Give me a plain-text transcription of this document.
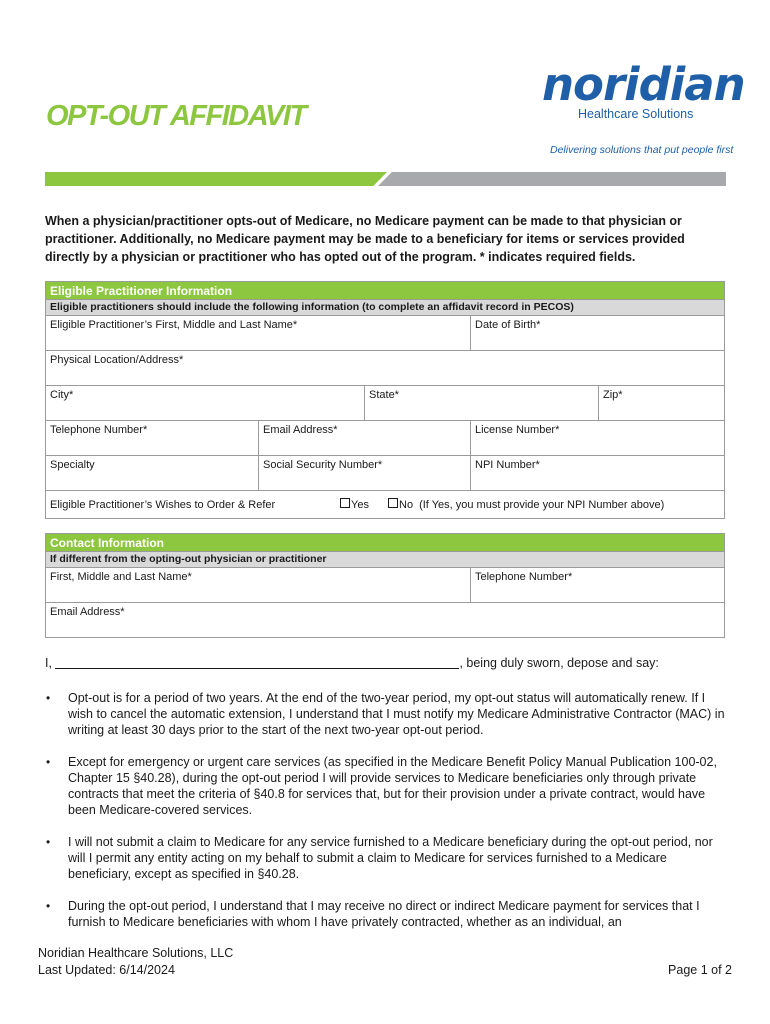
OPT-OUT AFFIDAVIT
noridian
Healthcare Solutions
Delivering solutions that put people first
When a physician/practitioner opts-out of Medicare, no Medicare payment can be made to that physician or practitioner. Additionally, no Medicare payment may be made to a beneficiary for items or services provided directly by a physician or practitioner who has opted out of the program. * indicates required fields.
Eligible Practitioner Information
Eligible practitioners should include the following information (to complete an affidavit record in PECOS)
Eligible Practitioner’s First, Middle and Last Name*	Date of Birth*
Physical Location/Address*
City*	State*	Zip*
Telephone Number*	Email Address*	License Number*
Specialty	Social Security Number*	NPI Number*
Eligible Practitioner’s Wishes to Order & Refer	Yes	No (If Yes, you must provide your NPI Number above)
Contact Information
If different from the opting-out physician or practitioner
First, Middle and Last Name*	Telephone Number*
Email Address*
I,	, being duly sworn, depose and say:
• Opt-out is for a period of two years. At the end of the two-year period, my opt-out status will automatically renew. If I wish to cancel the automatic extension, I understand that I must notify my Medicare Administrative Contractor (MAC) in writing at least 30 days prior to the start of the next two-year opt-out period.
• Except for emergency or urgent care services (as specified in the Medicare Benefit Policy Manual Publication 100-02, Chapter 15 §40.28), during the opt-out period I will provide services to Medicare beneficiaries only through private contracts that meet the criteria of §40.8 for services that, but for their provision under a private contract, would have been Medicare-covered services.
• I will not submit a claim to Medicare for any service furnished to a Medicare beneficiary during the opt-out period, nor will I permit any entity acting on my behalf to submit a claim to Medicare for services furnished to a Medicare beneficiary, except as specified in §40.28.
• During the opt-out period, I understand that I may receive no direct or indirect Medicare payment for services that I furnish to Medicare beneficiaries with whom I have privately contracted, whether as an individual, an
Noridian Healthcare Solutions, LLC
Last Updated: 6/14/2024	Page 1 of 2
